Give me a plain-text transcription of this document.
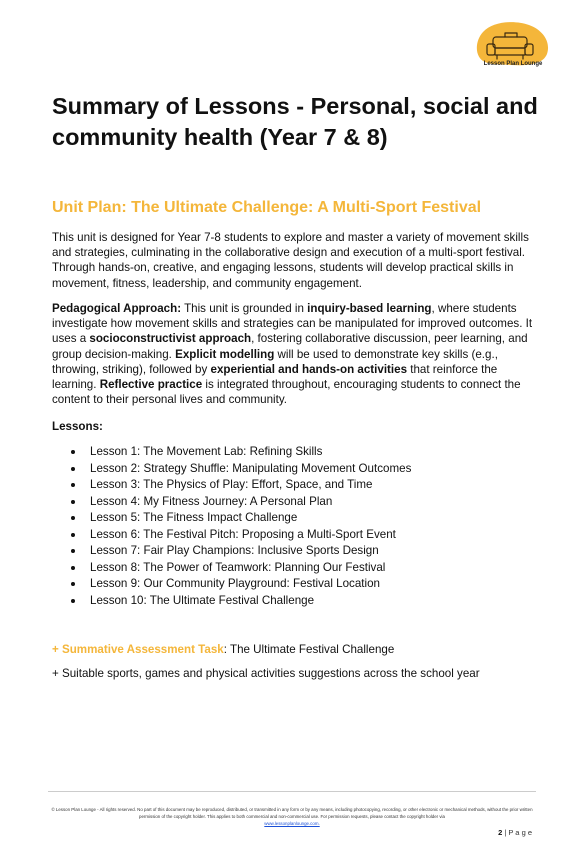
Lesson Plan Lounge
Summary of Lessons - Personal, social and community health (Year 7 & 8)
Unit Plan: The Ultimate Challenge: A Multi-Sport Festival

This unit is designed for Year 7-8 students to explore and master a variety of movement skills and strategies, culminating in the collaborative design and execution of a multi-sport festival. Through hands-on, creative, and engaging lessons, students will develop practical skills in movement, fitness, leadership, and community engagement.

Pedagogical Approach: This unit is grounded in inquiry-based learning, where students investigate how movement skills and strategies can be manipulated for improved outcomes. It uses a socioconstructivist approach, fostering collaborative discussion, peer learning, and group decision-making. Explicit modelling will be used to demonstrate key skills (e.g., throwing, striking), followed by experiential and hands-on activities that reinforce the learning. Reflective practice is integrated throughout, encouraging students to connect the content to their personal lives and community.

Lessons:
Lesson 1: The Movement Lab: Refining Skills
Lesson 2: Strategy Shuffle: Manipulating Movement Outcomes
Lesson 3: The Physics of Play: Effort, Space, and Time
Lesson 4: My Fitness Journey: A Personal Plan
Lesson 5: The Fitness Impact Challenge
Lesson 6: The Festival Pitch: Proposing a Multi-Sport Event
Lesson 7: Fair Play Champions: Inclusive Sports Design
Lesson 8: The Power of Teamwork: Planning Our Festival
Lesson 9: Our Community Playground: Festival Location
Lesson 10: The Ultimate Festival Challenge
+ Summative Assessment Task: The Ultimate Festival Challenge
+ Suitable sports, games and physical activities suggestions across the school year
© Lesson Plan Lounge - All rights reserved. No part of this document may be reproduced, distributed, or transmitted in any form or by any means, including photocopying, recording, or other electronic or mechanical methods, without the prior written permission of the copyright holder. This applies to both commercial and non-commercial use. For permission requests, please contact the copyright holder via
www.lessonplanlounge.com.
2 | P a g e
